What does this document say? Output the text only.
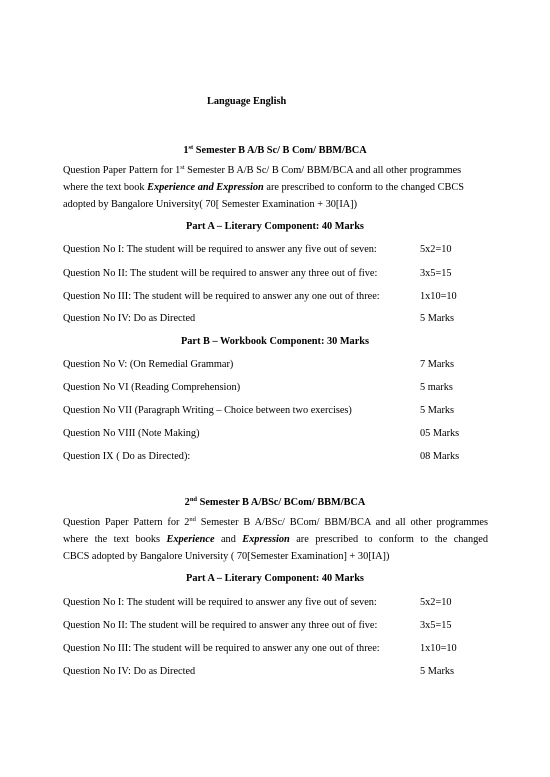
Language English
1st Semester B A/B Sc/ B Com/ BBM/BCA
Question Paper Pattern for 1st Semester B A/B Sc/ B Com/ BBM/BCA and all other programmes
where the text book Experience and Expression are prescribed to conform to the changed CBCS
adopted by Bangalore University( 70[ Semester Examination + 30[IA])
Part A – Literary Component: 40 Marks
Question No I: The student will be required to answer any five out of seven:	5x2=10
Question No II: The student will be required to answer any three out of five:	3x5=15
Question No III: The student will be required to answer any one out of three:	1x10=10
Question No IV: Do as Directed	5 Marks
Part B – Workbook Component: 30 Marks
Question No V: (On Remedial Grammar)	7 Marks
Question No VI (Reading Comprehension)	5 marks
Question No VII (Paragraph Writing – Choice between two exercises)	5 Marks
Question No VIII (Note Making)	05 Marks
Question IX ( Do as Directed):	08 Marks
2nd Semester B A/BSc/ BCom/ BBM/BCA
Question Paper Pattern for 2nd Semester B A/BSc/ BCom/ BBM/BCA and all other programmes
where the text books Experience and Expression are prescribed to conform to the changed
CBCS adopted by Bangalore University ( 70[Semester Examination] + 30[IA])
Part A – Literary Component: 40 Marks
Question No I: The student will be required to answer any five out of seven:	5x2=10
Question No II: The student will be required to answer any three out of five:	3x5=15
Question No III: The student will be required to answer any one out of three:	1x10=10
Question No IV: Do as Directed	5 Marks
